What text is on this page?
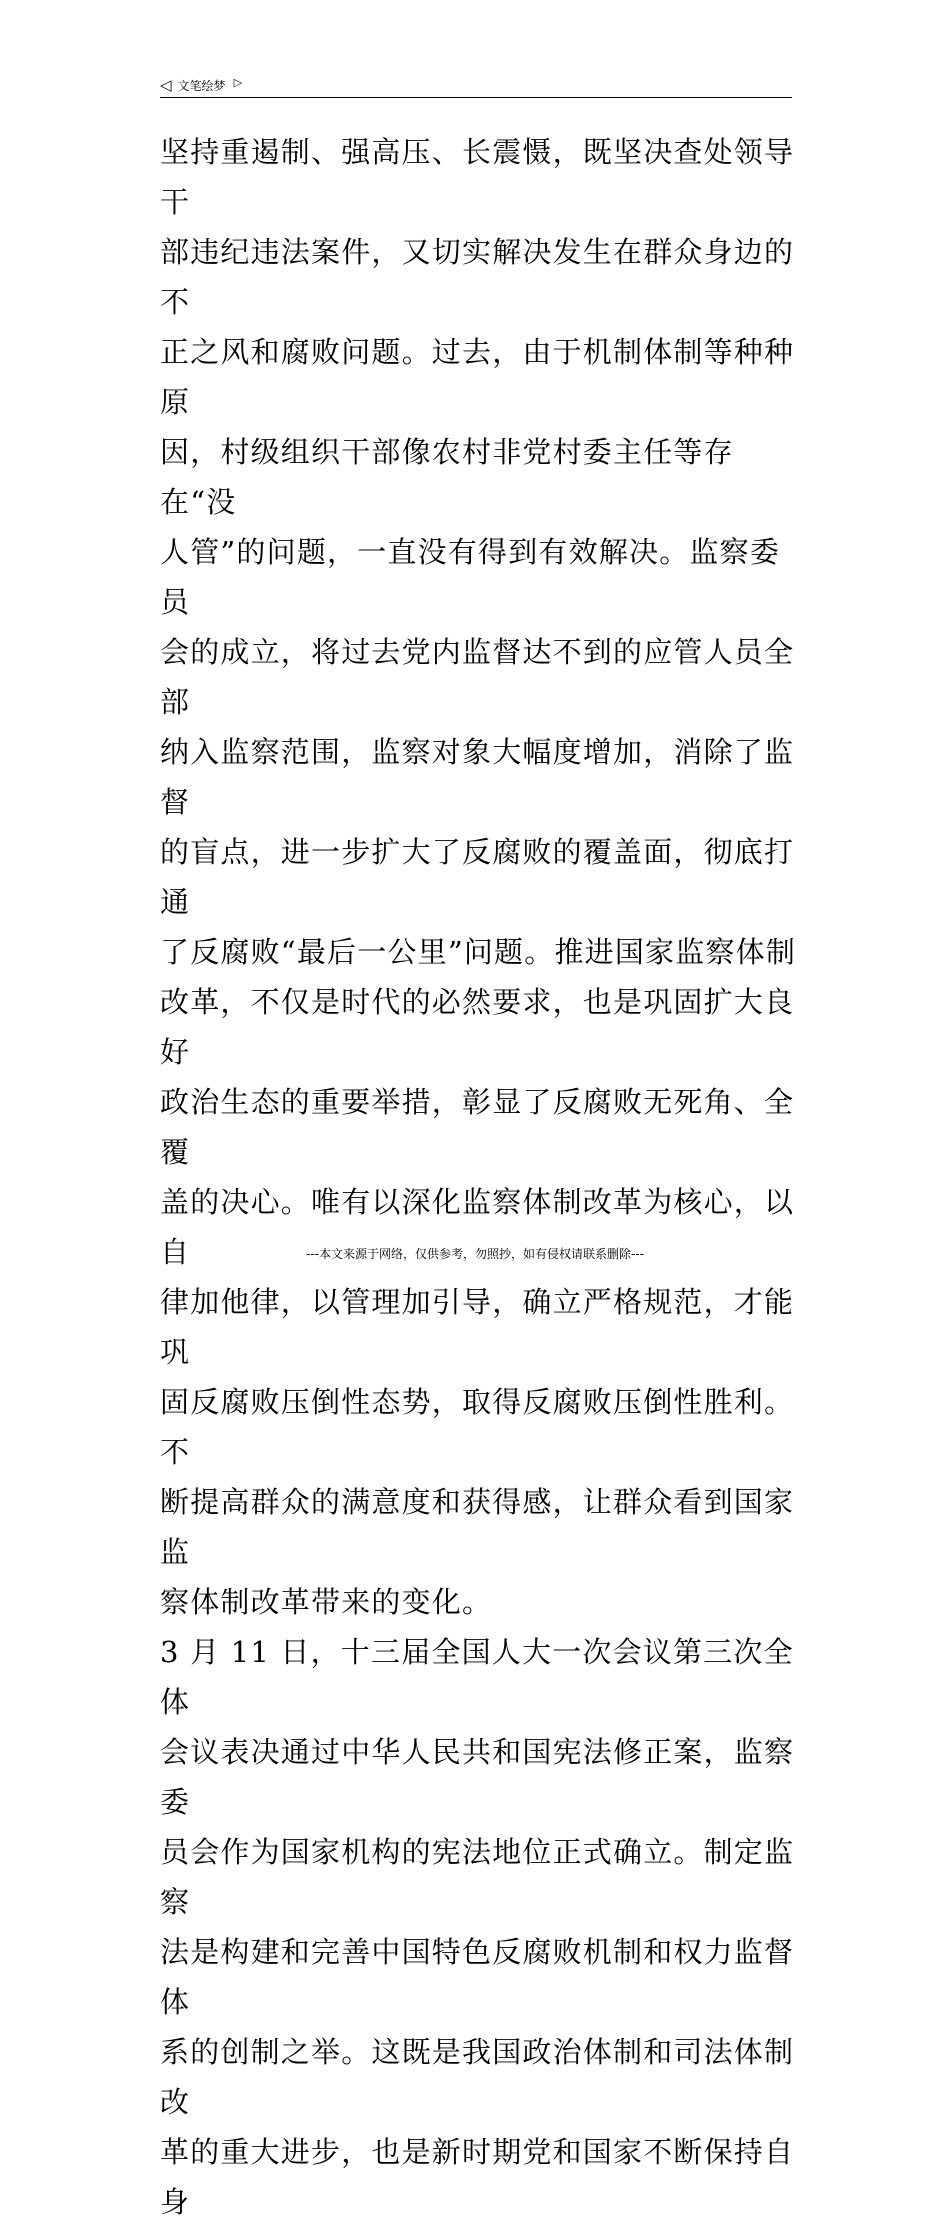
◁ 文笔绘梦 ▷

坚持重遏制、强高压、长震慑，既坚决查处领导干
部违纪违法案件，又切实解决发生在群众身边的不
正之风和腐败问题。过去，由于机制体制等种种原
因，村级组织干部像农村非党村委主任等存在“没
人管”的问题，一直没有得到有效解决。监察委员
会的成立，将过去党内监督达不到的应管人员全部
纳入监察范围，监察对象大幅度增加，消除了监督
的盲点，进一步扩大了反腐败的覆盖面，彻底打通
了反腐败“最后一公里”问题。推进国家监察体制
改革，不仅是时代的必然要求，也是巩固扩大良好
政治生态的重要举措，彰显了反腐败无死角、全覆
盖的决心。唯有以深化监察体制改革为核心，以自
律加他律，以管理加引导，确立严格规范，才能巩
固反腐败压倒性态势，取得反腐败压倒性胜利。不
断提高群众的满意度和获得感，让群众看到国家监
察体制改革带来的变化。

3 月 11 日，十三届全国人大一次会议第三次全体
会议表决通过中华人民共和国宪法修正案，监察委
员会作为国家机构的宪法地位正式确立。制定监察
法是构建和完善中国特色反腐败机制和权力监督体
系的创制之举。这既是我国政治体制和司法体制改
革的重大进步，也是新时期党和国家不断保持自身

---本文来源于网络，仅供参考，勿照抄，如有侵权请联系删除---
